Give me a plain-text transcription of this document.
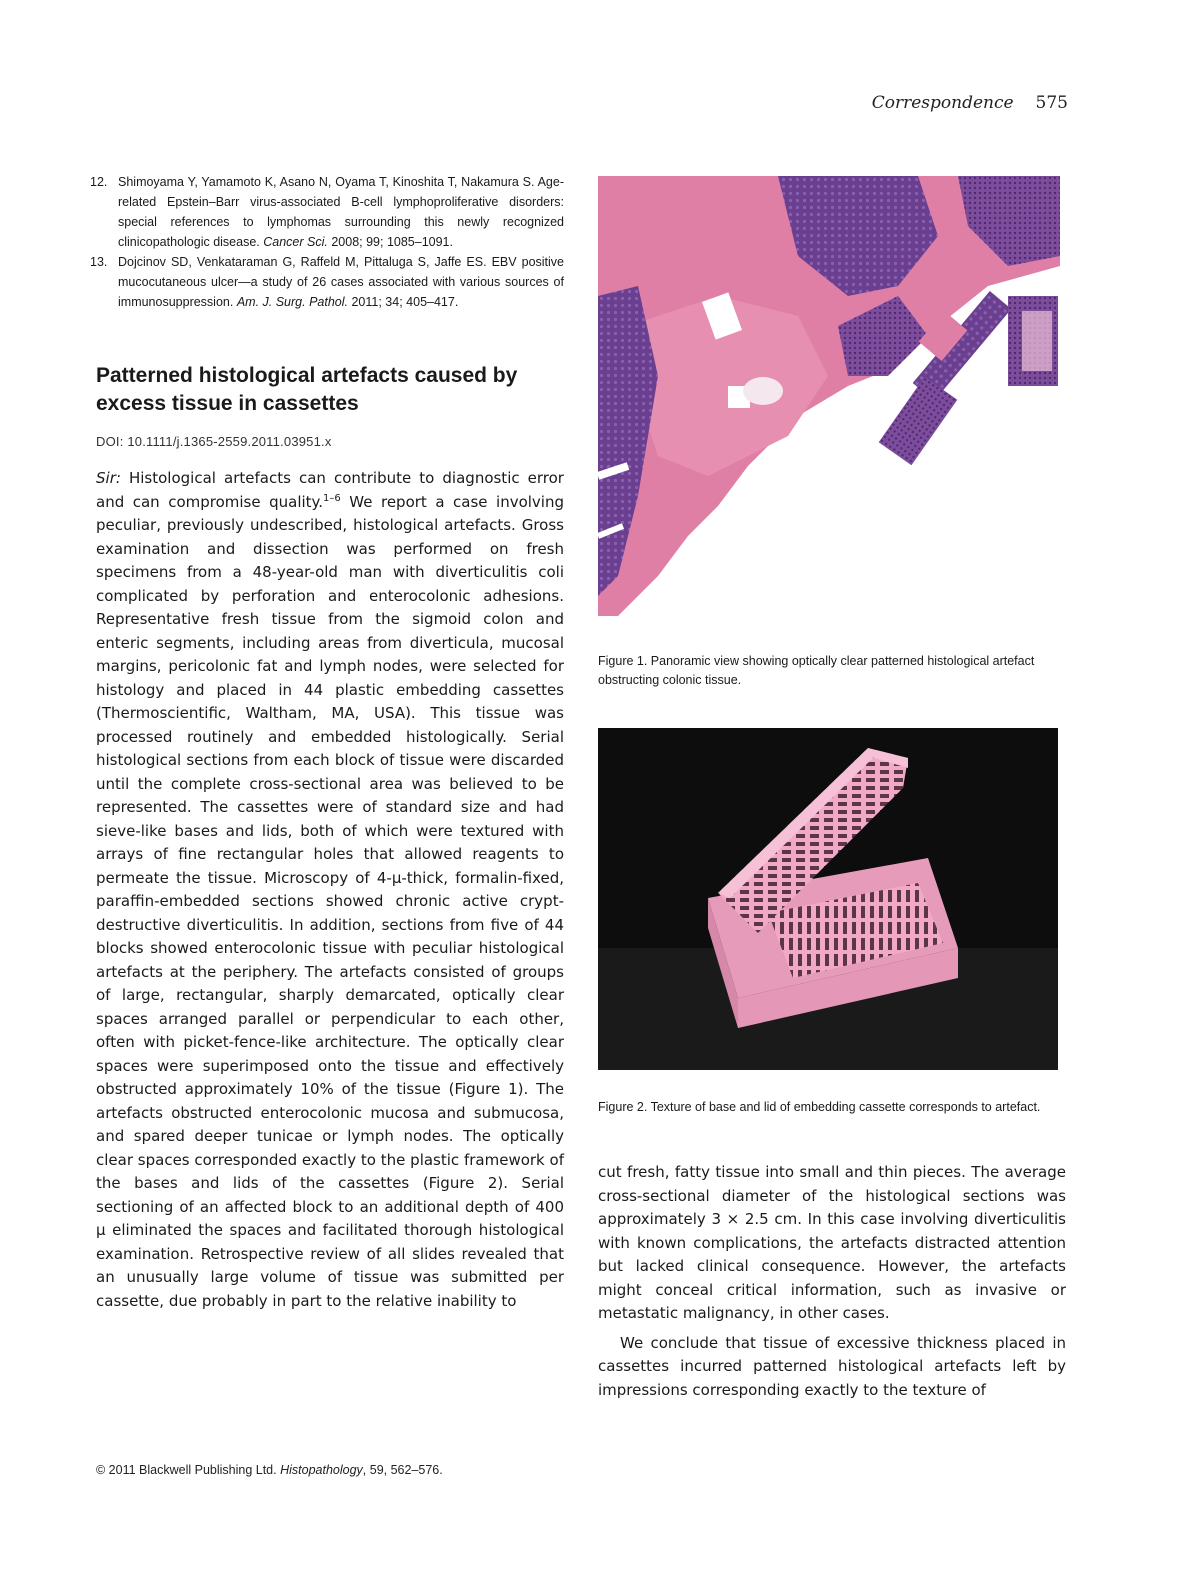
Correspondence 575
12. Shimoyama Y, Yamamoto K, Asano N, Oyama T, Kinoshita T, Nakamura S. Age-related Epstein–Barr virus-associated B-cell lymphoproliferative disorders: special references to lymphomas surrounding this newly recognized clinicopathologic disease. Cancer Sci. 2008; 99; 1085–1091.
13. Dojcinov SD, Venkataraman G, Raffeld M, Pittaluga S, Jaffe ES. EBV positive mucocutaneous ulcer—a study of 26 cases associated with various sources of immunosuppression. Am. J. Surg. Pathol. 2011; 34; 405–417.
Patterned histological artefacts caused by excess tissue in cassettes
DOI: 10.1111/j.1365-2559.2011.03951.x

Sir: Histological artefacts can contribute to diagnostic error and can compromise quality.$^{1-6}$ We report a case involving peculiar, previously undescribed, histological artefacts. Gross examination and dissection was performed on fresh specimens from a 48-year-old man with diverticulitis coli complicated by perforation and enterocolonic adhesions. Representative fresh tissue from the sigmoid colon and enteric segments, including areas from diverticula, mucosal margins, pericolonic fat and lymph nodes, were selected for histology and placed in 44 plastic embedding cassettes (Thermoscientific, Waltham, MA, USA). This tissue was processed routinely and embedded histologically. Serial histological sections from each block of tissue were discarded until the complete cross-sectional area was believed to be represented. The cassettes were of standard size and had sieve-like bases and lids, both of which were textured with arrays of fine rectangular holes that allowed reagents to permeate the tissue. Microscopy of 4-μ-thick, formalin-fixed, paraffin-embedded sections showed chronic active crypt-destructive diverticulitis. In addition, sections from five of 44 blocks showed enterocolonic tissue with peculiar histological artefacts at the periphery. The artefacts consisted of groups of large, rectangular, sharply demarcated, optically clear spaces arranged parallel or perpendicular to each other, often with picket-fence-like architecture. The optically clear spaces were superimposed onto the tissue and effectively obstructed approximately 10% of the tissue (Figure 1). The artefacts obstructed enterocolonic mucosa and submucosa, and spared deeper tunicae or lymph nodes. The optically clear spaces corresponded exactly to the plastic framework of the bases and lids of the cassettes (Figure 2). Serial sectioning of an affected block to an additional depth of 400 μ eliminated the spaces and facilitated thorough histological examination. Retrospective review of all slides revealed that an unusually large volume of tissue was submitted per cassette, due probably in part to the relative inability to

Figure 1. Panoramic view showing optically clear patterned histological artefact obstructing colonic tissue.
Figure 2. Texture of base and lid of embedding cassette corresponds to artefact.

cut fresh, fatty tissue into small and thin pieces. The average cross-sectional diameter of the histological sections was approximately 3 × 2.5 cm. In this case involving diverticulitis with known complications, the artefacts distracted attention but lacked clinical consequence. However, the artefacts might conceal critical information, such as invasive or metastatic malignancy, in other cases.

We conclude that tissue of excessive thickness placed in cassettes incurred patterned histological artefacts left by impressions corresponding exactly to the texture of

© 2011 Blackwell Publishing Ltd. Histopathology, 59, 562–576.
